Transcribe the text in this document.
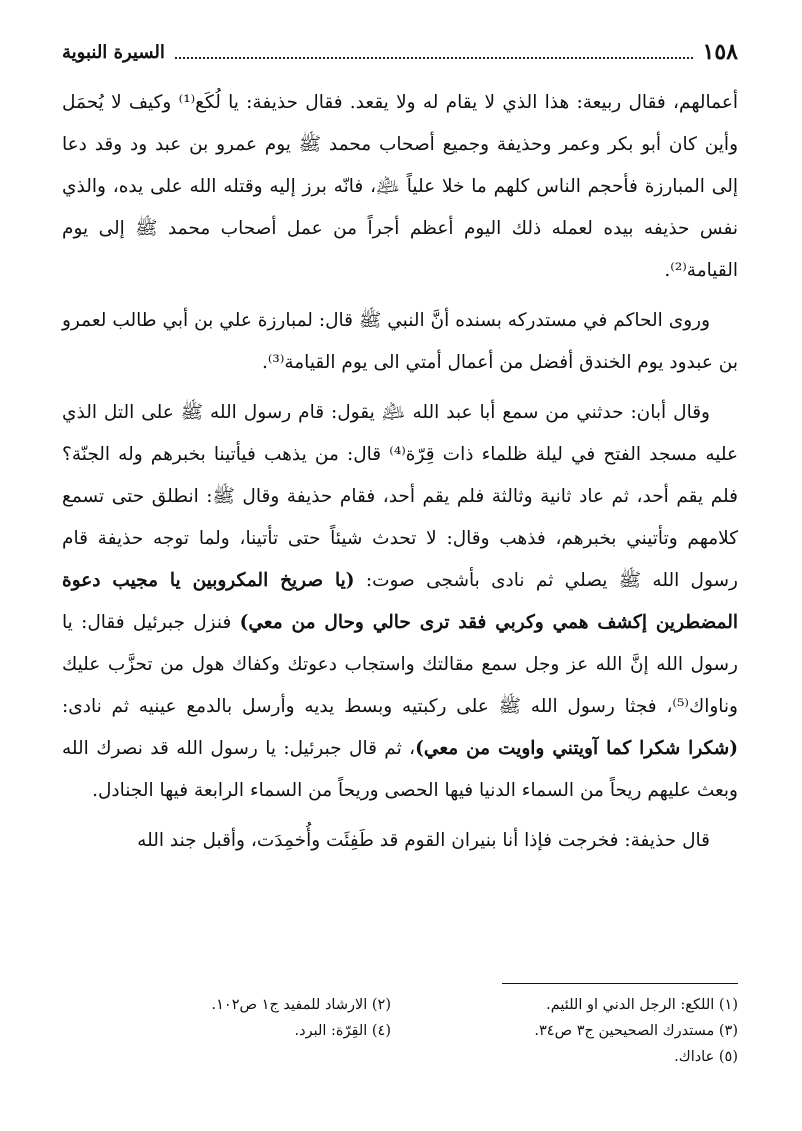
١٥٨
السيرة النبوية

أعمالهم، فقال ربيعة: هذا الذي لا يقام له ولا يقعد. فقال حذيفة: يا لُكَع⁽¹⁾ وكيف لا يُحمَل وأين كان أبو بكر وعمر وحذيفة وجميع أصحاب محمد ﷺ يوم عمرو بن عبد ود وقد دعا إلى المبارزة فأحجم الناس كلهم ما خلا علياً ﵇، فانّه برز إليه وقتله الله على يده، والذي نفس حذيفه بيده لعمله ذلك اليوم أعظم أجراً من عمل أصحاب محمد ﷺ إلى يوم القيامة⁽²⁾.

وروى الحاكم في مستدركه بسنده أنَّ النبي ﷺ قال: لمبارزة علي بن أبي طالب لعمرو بن عبدود يوم الخندق أفضل من أعمال أمتي الى يوم القيامة⁽³⁾.

وقال أبان: حدثني من سمع أبا عبد الله ﵇ يقول: قام رسول الله ﷺ على التل الذي عليه مسجد الفتح في ليلة ظلماء ذات قِرّة⁽⁴⁾ قال: من يذهب فيأتينا بخبرهم وله الجنّة؟ فلم يقم أحد، ثم عاد ثانية وثالثة فلم يقم أحد، فقام حذيفة وقال ﷺ: انطلق حتى تسمع كلامهم وتأتيني بخبرهم، فذهب وقال: لا تحدث شيئاً حتى تأتينا، ولما توجه حذيفة قام رسول الله ﷺ يصلي ثم نادى بأشجى صوت: (يا صريخ المكروبين يا مجيب دعوة المضطرين إكشف همي وكربي فقد ترى حالي وحال من معي) فنزل جبرئيل فقال: يا رسول الله إنَّ الله عز وجل سمع مقالتك واستجاب دعوتك وكفاك هول من تحزَّب عليك وناواك⁽⁵⁾، فجثا رسول الله ﷺ على ركبتيه وبسط يديه وأرسل بالدمع عينيه ثم نادى: (شكرا شكرا كما آويتني واويت من معي)، ثم قال جبرئيل: يا رسول الله قد نصرك الله وبعث عليهم ريحاً من السماء الدنيا فيها الحصى وريحاً من السماء الرابعة فيها الجنادل.

قال حذيفة: فخرجت فإذا أنا بنيران القوم قد طَفِئَت وأُخمِدَت، وأقبل جند الله

(١) اللكع: الرجل الدني او اللئيم.
(٢) الارشاد للمفيد ج١ ص١٠٢.
(٣) مستدرك الصحيحين ج٣ ص٣٤.
(٤) القِرّة: البرد.
(٥) عاداك.
